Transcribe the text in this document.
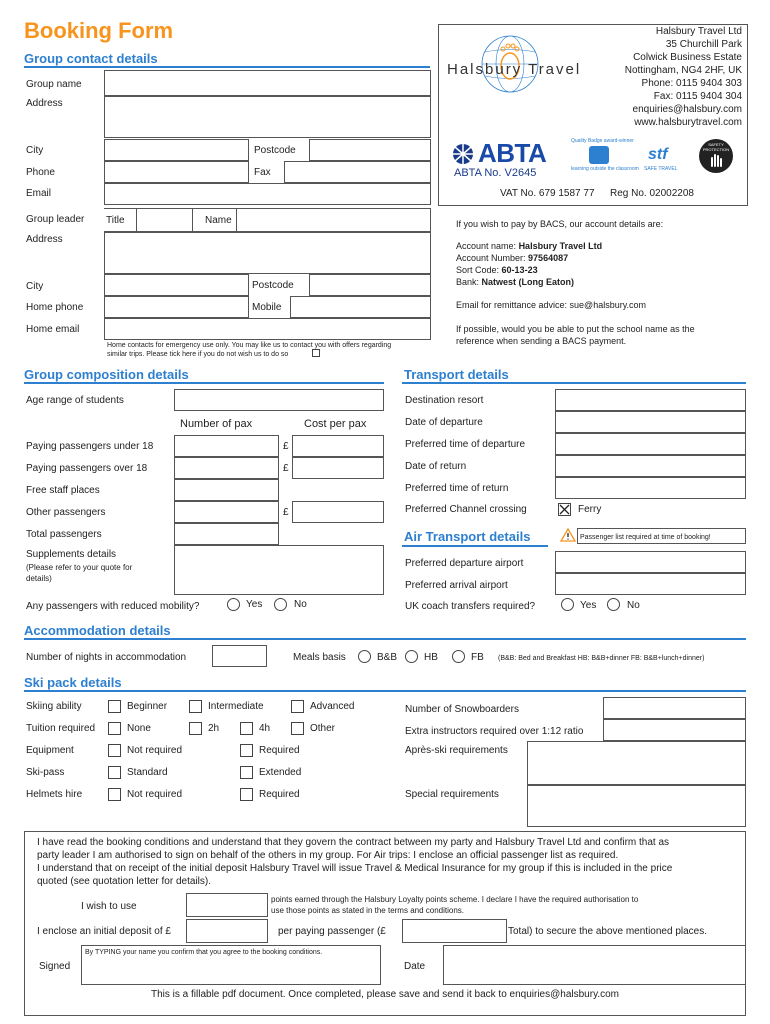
Booking Form
Halsbury Travel
Halsbury Travel Ltd
35 Churchill Park
Colwick Business Estate
Nottingham, NG4 2HF, UK
Phone: 0115 9404 303
Fax: 0115 9404 304
enquiries@halsbury.com
www.halsburytravel.com
ABTA
ABTA No. V2645
Quality Badge award-winner
learning outside the classroom
stf
SAFE TRAVEL
SAFETY PROTECTION
VAT No. 679 1587 77 Reg No. 02002208
Group contact details
Group name
Address
City	Postcode
Phone	Fax
Email
Group leader Title	Name
Address
City	Postcode
Home phone	Mobile
Home email
Home contacts for emergency use only. You may like us to contact you with offers regarding
similar trips. Please tick here if you do not wish us to do so
If you wish to pay by BACS, our account details are:
Account name: Halsbury Travel Ltd
Account Number: 97564087
Sort Code: 60-13-23
Bank: Natwest (Long Eaton)
Email for remittance advice: sue@halsbury.com
If possible, would you be able to put the school name as the
reference when sending a BACS payment.
Group composition details
Age range of students
Number of pax	Cost per pax
Paying passengers under 18	£
Paying passengers over 18	£
Free staff places
Other passengers	£
Total passengers
Supplements details
(Please refer to your quote for
details)
Any passengers with reduced mobility?	Yes	No
Transport details
Destination resort
Date of departure
Preferred time of departure
Date of return
Preferred time of return
Preferred Channel crossing	Ferry
Air Transport details	Passenger list required at time of booking!
Preferred departure airport
Preferred arrival airport
UK coach transfers required?	Yes	No
Accommodation details
Number of nights in accommodation	Meals basis	B&B	HB	FB (B&B: Bed and Breakfast HB: B&B+dinner FB: B&B+lunch+dinner)
Ski pack details
Skiing ability	Beginner	Intermediate	Advanced
Tuition required	None	2h	4h	Other
Equipment	Not required	Required
Ski-pass	Standard	Extended
Helmets hire	Not required	Required
Number of Snowboarders
Extra instructors required over 1:12 ratio
Après-ski requirements
Special requirements
I have read the booking conditions and understand that they govern the contract between my party and Halsbury Travel Ltd and confirm that as
party leader I am authorised to sign on behalf of the others in my group. For Air trips: I enclose an official passenger list as required.
I understand that on receipt of the initial deposit Halsbury Travel will issue Travel & Medical Insurance for my group if this is included in the price
quoted (see quotation letter for details).
I wish to use
points earned through the Halsbury Loyalty points scheme. I declare I have the required authorisation to
use those points as stated in the terms and conditions.
I enclose an initial deposit of £	per paying passenger (£	Total) to secure the above mentioned places.
Signed
By TYPING your name you confirm that you agree to the booking conditions.
Date
This is a fillable pdf document. Once completed, please save and send it back to enquiries@halsbury.com
